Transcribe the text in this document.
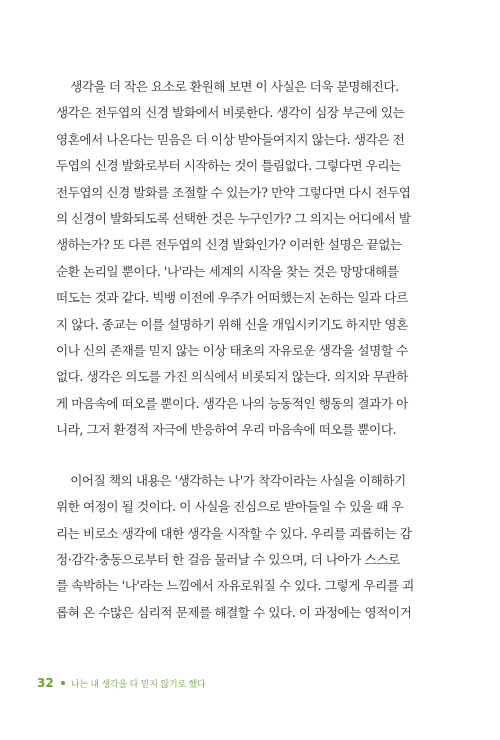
생각을 더 작은 요소로 환원해 보면 이 사실은 더욱 분명해진다.

생각은 전두엽의 신경 발화에서 비롯한다. 생각이 심장 부근에 있는

영혼에서 나온다는 믿음은 더 이상 받아들여지지 않는다. 생각은 전

두엽의 신경 발화로부터 시작하는 것이 틀림없다. 그렇다면 우리는

전두엽의 신경 발화를 조절할 수 있는가? 만약 그렇다면 다시 전두엽

의 신경이 발화되도록 선택한 것은 누구인가? 그 의지는 어디에서 발

생하는가? 또 다른 전두엽의 신경 발화인가? 이러한 설명은 끝없는

순환 논리일 뿐이다. '나'라는 세계의 시작을 찾는 것은 망망대해를

떠도는 것과 같다. 빅뱅 이전에 우주가 어떠했는지 논하는 일과 다르

지 않다. 종교는 이를 설명하기 위해 신을 개입시키기도 하지만 영혼

이나 신의 존재를 믿지 않는 이상 태초의 자유로운 생각을 설명할 수

없다. 생각은 의도를 가진 의식에서 비롯되지 않는다. 의지와 무관하

게 마음속에 떠오를 뿐이다. 생각은 나의 능동적인 행동의 결과가 아

니라, 그저 환경적 자극에 반응하여 우리 마음속에 떠오를 뿐이다.

이어질 책의 내용은 '생각하는 나'가 착각이라는 사실을 이해하기

위한 여정이 될 것이다. 이 사실을 진심으로 받아들일 수 있을 때 우

리는 비로소 생각에 대한 생각을 시작할 수 있다. 우리를 괴롭히는 감

정·감각·충동으로부터 한 걸음 물러날 수 있으며, 더 나아가 스스로

를 속박하는 '나'라는 느낌에서 자유로워질 수 있다. 그렇게 우리를 괴

롭혀 온 수많은 심리적 문제를 해결할 수 있다. 이 과정에는 영적이거

32 나는 내 생각을 다 믿지 않기로 했다
